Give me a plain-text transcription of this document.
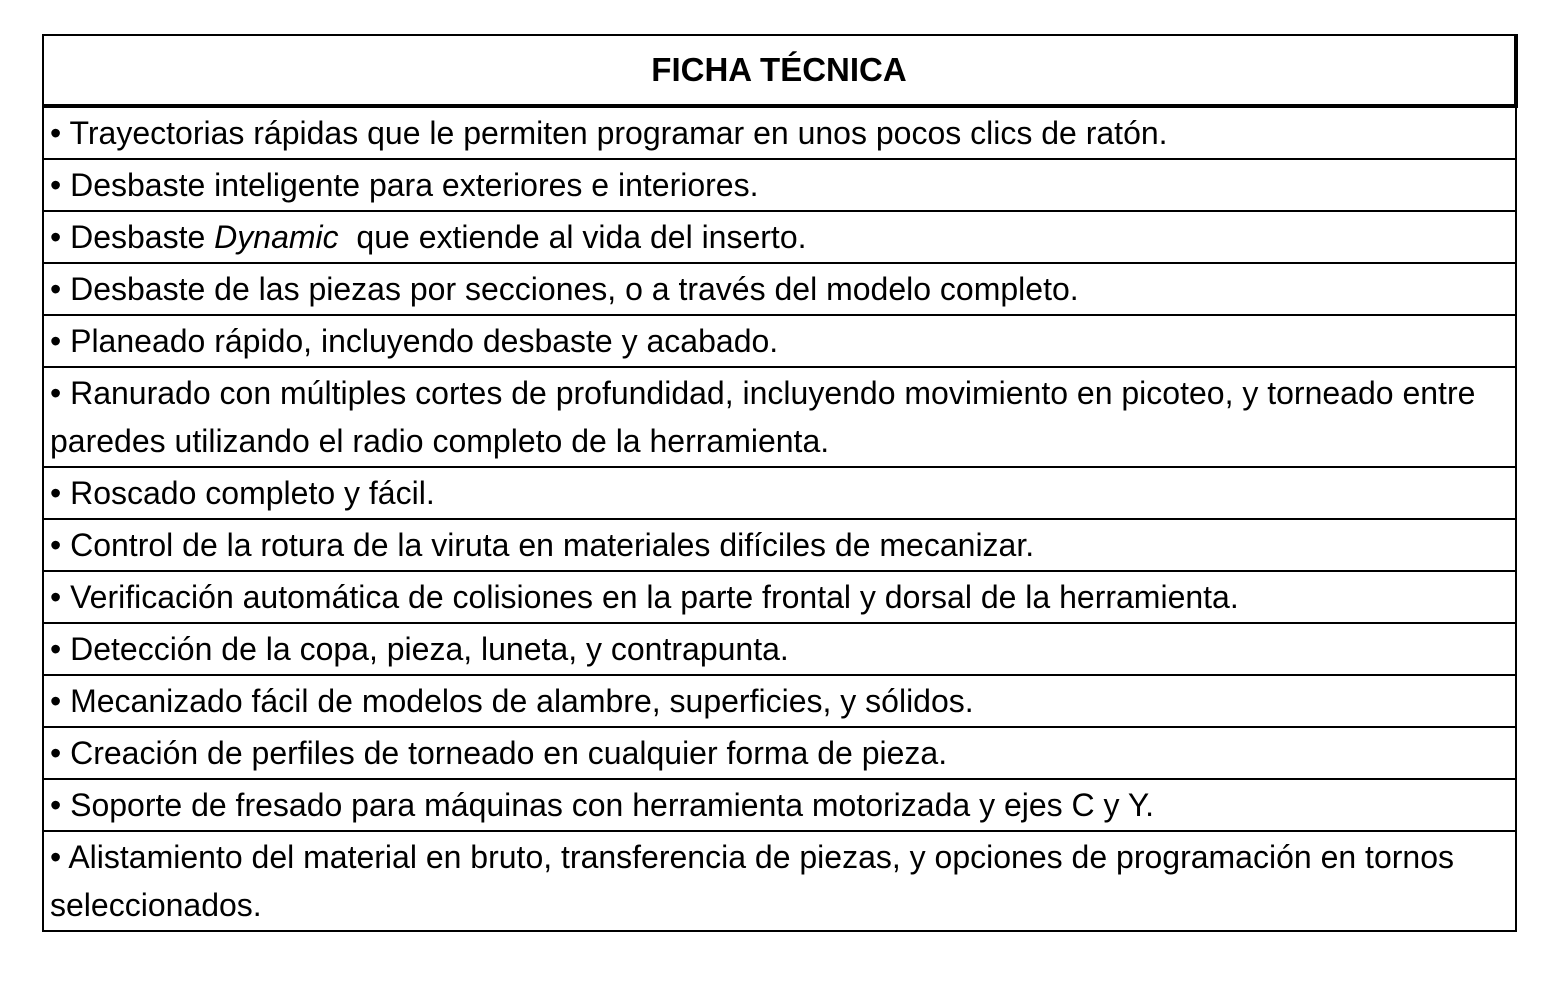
FICHA TÉCNICA
• Trayectorias rápidas que le permiten programar en unos pocos clics de ratón.
• Desbaste inteligente para exteriores e interiores.
• Desbaste Dynamic  que extiende al vida del inserto.
• Desbaste de las piezas por secciones, o a través del modelo completo.
• Planeado rápido, incluyendo desbaste y acabado.
• Ranurado con múltiples cortes de profundidad, incluyendo movimiento en picoteo, y torneado entre paredes utilizando el radio completo de la herramienta.
• Roscado completo y fácil.
• Control de la rotura de la viruta en materiales difíciles de mecanizar.
• Verificación automática de colisiones en la parte frontal y dorsal de la herramienta.
• Detección de la copa, pieza, luneta, y contrapunta.
• Mecanizado fácil de modelos de alambre, superficies, y sólidos.
• Creación de perfiles de torneado en cualquier forma de pieza.
• Soporte de fresado para máquinas con herramienta motorizada y ejes C y Y.
• Alistamiento del material en bruto, transferencia de piezas, y opciones de programación en tornos seleccionados.
